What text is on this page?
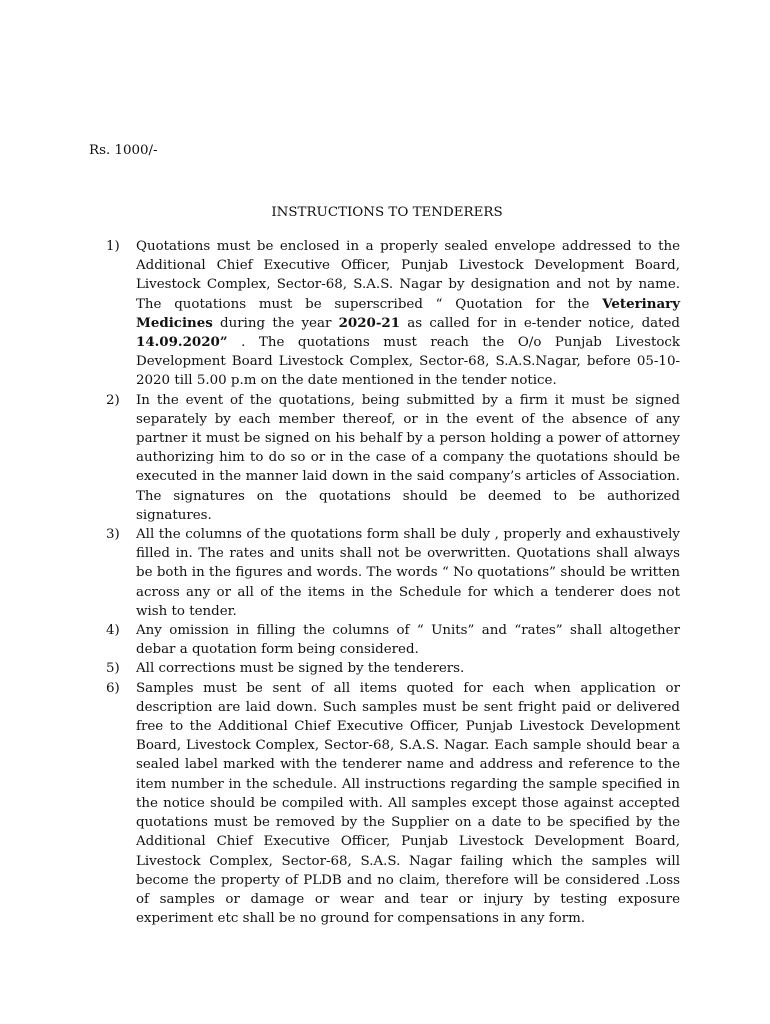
Rs. 1000/-
INSTRUCTIONS TO TENDERERS
1)	Quotations must be enclosed in a properly sealed envelope addressed to the Additional Chief Executive Officer, Punjab Livestock Development Board, Livestock Complex, Sector-68, S.A.S. Nagar by designation and not by name. The quotations must be superscribed “ Quotation for the Veterinary Medicines during the year 2020-21 as called for in e-tender notice, dated 14.09.2020” . The quotations must reach the O/o Punjab Livestock Development Board Livestock Complex, Sector-68, S.A.S.Nagar, before 05-10-2020 till 5.00 p.m on the date mentioned in the tender notice.

2)	In the event of the quotations, being submitted by a firm it must be signed separately by each member thereof, or in the event of the absence of any partner it must be signed on his behalf by a person holding a power of attorney authorizing him to do so or in the case of a company the quotations should be executed in the manner laid down in the said company’s articles of Association. The signatures on the quotations should be deemed to be authorized signatures.

3)	All the columns of the quotations form shall be duly , properly and exhaustively filled in. The rates and units shall not be overwritten. Quotations shall always be both in the figures and words. The words “ No quotations” should be written across any or all of the items in the Schedule for which a tenderer does not wish to tender.

4)	Any omission in filling the columns of “ Units” and “rates” shall altogether debar a quotation form being considered.

5)	All corrections must be signed by the tenderers.

6)	Samples must be sent of all items quoted for each when application or description are laid down. Such samples must be sent fright paid or delivered free to the Additional Chief Executive Officer, Punjab Livestock Development Board, Livestock Complex, Sector-68, S.A.S. Nagar. Each sample should bear a sealed label marked with the tenderer name and address and reference to the item number in the schedule. All instructions regarding the sample specified in the notice should be compiled with. All samples except those against accepted quotations must be removed by the Supplier on a date to be specified by the Additional Chief Executive Officer, Punjab Livestock Development Board, Livestock Complex, Sector-68, S.A.S. Nagar failing which the samples will become the property of PLDB and no claim, therefore will be considered .Loss of samples or damage or wear and tear or injury by testing exposure experiment etc shall be no ground for compensations in any form.
